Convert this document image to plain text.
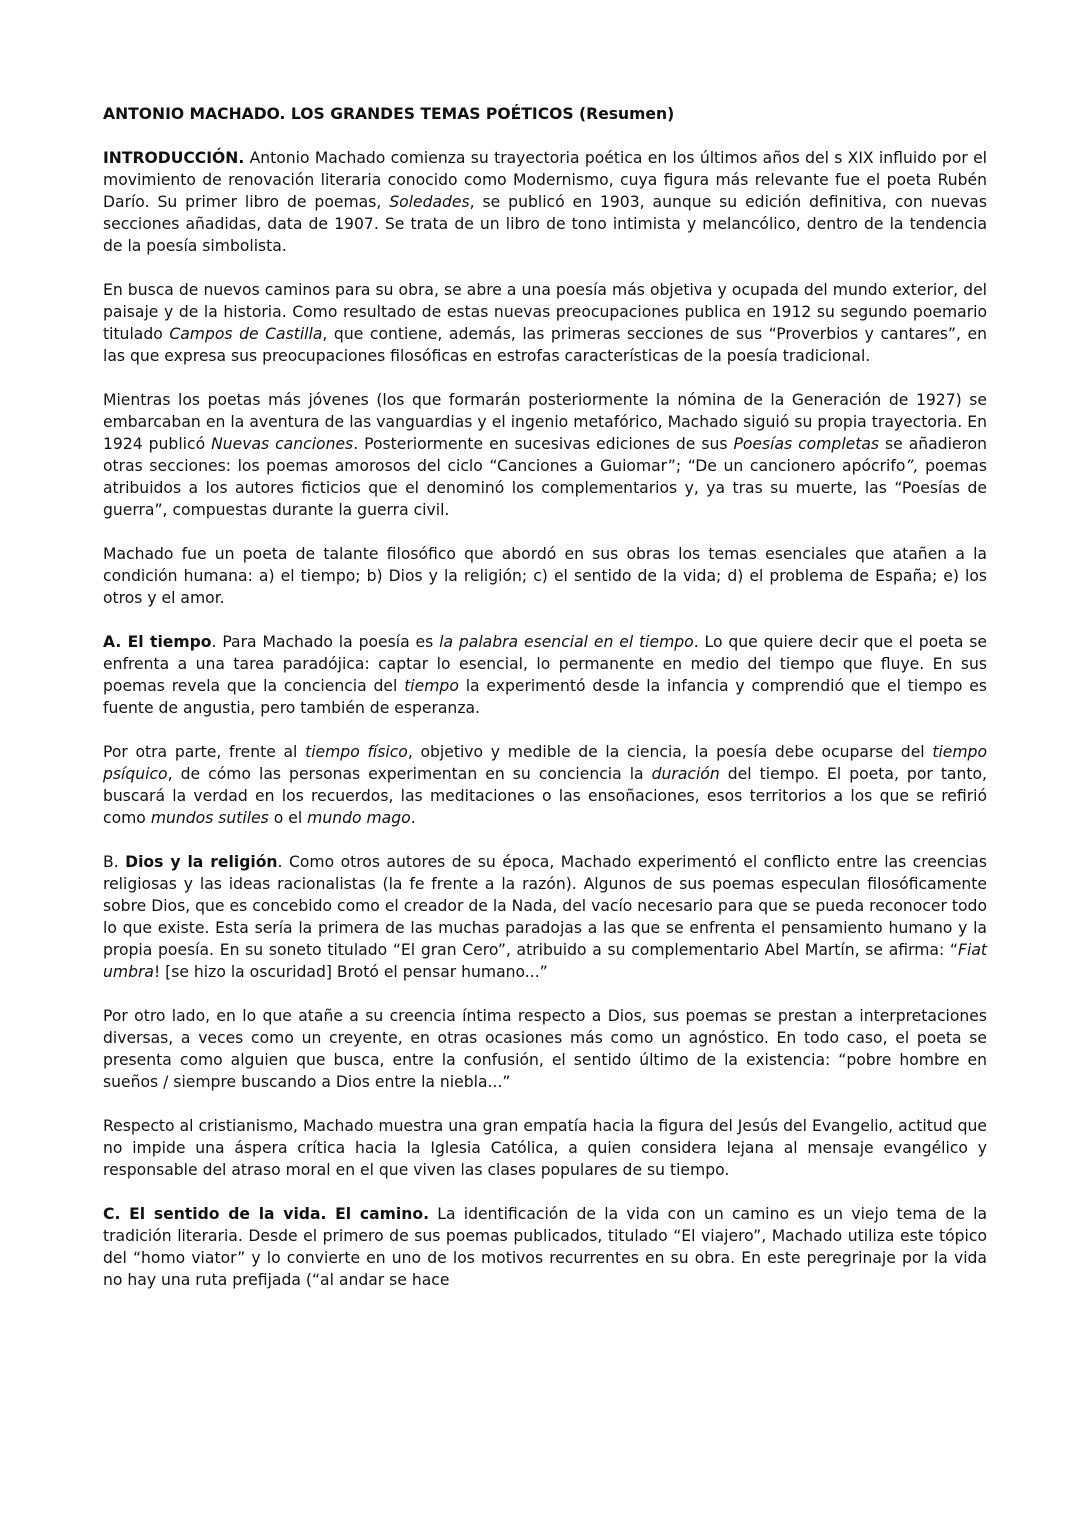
ANTONIO MACHADO. LOS GRANDES TEMAS POÉTICOS (Resumen)

INTRODUCCIÓN. Antonio Machado comienza su trayectoria poética en los últimos años del s XIX influido por el movimiento de renovación literaria conocido como Modernismo, cuya figura más relevante fue el poeta Rubén Darío. Su primer libro de poemas, Soledades, se publicó en 1903, aunque su edición definitiva, con nuevas secciones añadidas, data de 1907. Se trata de un libro de tono intimista y melancólico, dentro de la tendencia de la poesía simbolista.

En busca de nuevos caminos para su obra, se abre a una poesía más objetiva y ocupada del mundo exterior, del paisaje y de la historia. Como resultado de estas nuevas preocupaciones publica en 1912 su segundo poemario titulado Campos de Castilla, que contiene, además, las primeras secciones de sus “Proverbios y cantares”, en las que expresa sus preocupaciones filosóficas en estrofas características de la poesía tradicional.

Mientras los poetas más jóvenes (los que formarán posteriormente la nómina de la Generación de 1927) se embarcaban en la aventura de las vanguardias y el ingenio metafórico, Machado siguió su propia trayectoria. En 1924 publicó Nuevas canciones. Posteriormente en sucesivas ediciones de sus Poesías completas se añadieron otras secciones: los poemas amorosos del ciclo “Canciones a Guiomar”; “De un cancionero apócrifo”, poemas atribuidos a los autores ficticios que el denominó los complementarios y, ya tras su muerte, las “Poesías de guerra”, compuestas durante la guerra civil.

Machado fue un poeta de talante filosófico que abordó en sus obras los temas esenciales que atañen a la condición humana: a) el tiempo; b) Dios y la religión; c) el sentido de la vida; d) el problema de España; e) los otros y el amor.

A. El tiempo. Para Machado la poesía es la palabra esencial en el tiempo. Lo que quiere decir que el poeta se enfrenta a una tarea paradójica: captar lo esencial, lo permanente en medio del tiempo que fluye. En sus poemas revela que la conciencia del tiempo la experimentó desde la infancia y comprendió que el tiempo es fuente de angustia, pero también de esperanza.

Por otra parte, frente al tiempo físico, objetivo y medible de la ciencia, la poesía debe ocuparse del tiempo psíquico, de cómo las personas experimentan en su conciencia la duración del tiempo. El poeta, por tanto, buscará la verdad en los recuerdos, las meditaciones o las ensoñaciones, esos territorios a los que se refirió como mundos sutiles o el mundo mago.

B. Dios y la religión. Como otros autores de su época, Machado experimentó el conflicto entre las creencias religiosas y las ideas racionalistas (la fe frente a la razón). Algunos de sus poemas especulan filosóficamente sobre Dios, que es concebido como el creador de la Nada, del vacío necesario para que se pueda reconocer todo lo que existe. Esta sería la primera de las muchas paradojas a las que se enfrenta el pensamiento humano y la propia poesía. En su soneto titulado “El gran Cero”, atribuido a su complementario Abel Martín, se afirma: “Fiat umbra! [se hizo la oscuridad] Brotó el pensar humano...”

Por otro lado, en lo que atañe a su creencia íntima respecto a Dios, sus poemas se prestan a interpretaciones diversas, a veces como un creyente, en otras ocasiones más como un agnóstico. En todo caso, el poeta se presenta como alguien que busca, entre la confusión, el sentido último de la existencia: “pobre hombre en sueños / siempre buscando a Dios entre la niebla...”

Respecto al cristianismo, Machado muestra una gran empatía hacia la figura del Jesús del Evangelio, actitud que no impide una áspera crítica hacia la Iglesia Católica, a quien considera lejana al mensaje evangélico y responsable del atraso moral en el que viven las clases populares de su tiempo.

C. El sentido de la vida. El camino. La identificación de la vida con un camino es un viejo tema de la tradición literaria. Desde el primero de sus poemas publicados, titulado “El viajero”, Machado utiliza este tópico del “homo viator” y lo convierte en uno de los motivos recurrentes en su obra. En este peregrinaje por la vida no hay una ruta prefijada (“al andar se hace
